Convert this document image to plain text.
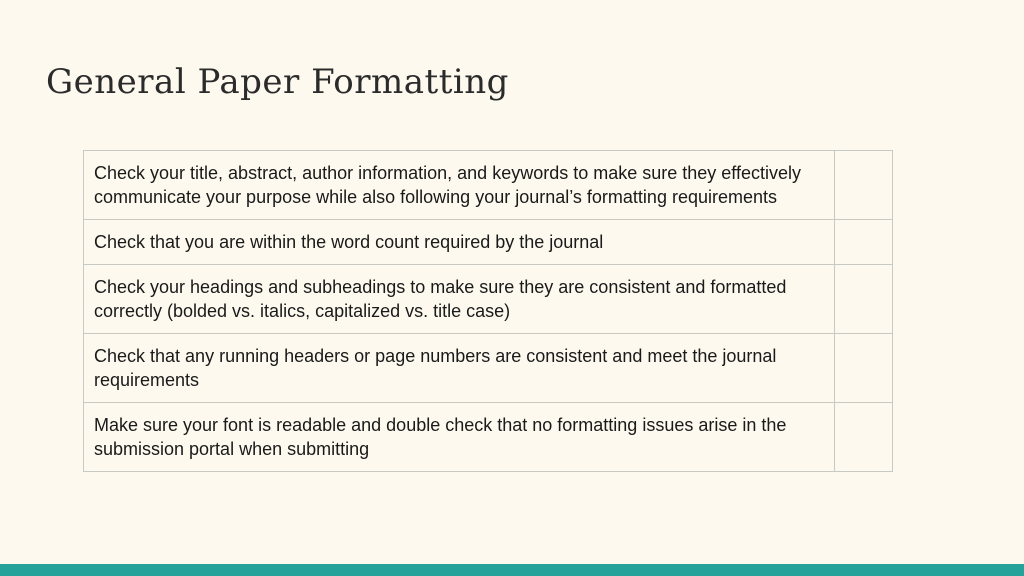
General Paper Formatting
Check your title, abstract, author information, and keywords to make sure they effectively communicate your purpose while also following your journal’s formatting requirements	
Check that you are within the word count required by the journal	
Check your headings and subheadings to make sure they are consistent and formatted correctly (bolded vs. italics, capitalized vs. title case)	
Check that any running headers or page numbers are consistent and meet the journal requirements	
Make sure your font is readable and double check that no formatting issues arise in the submission portal when submitting	
